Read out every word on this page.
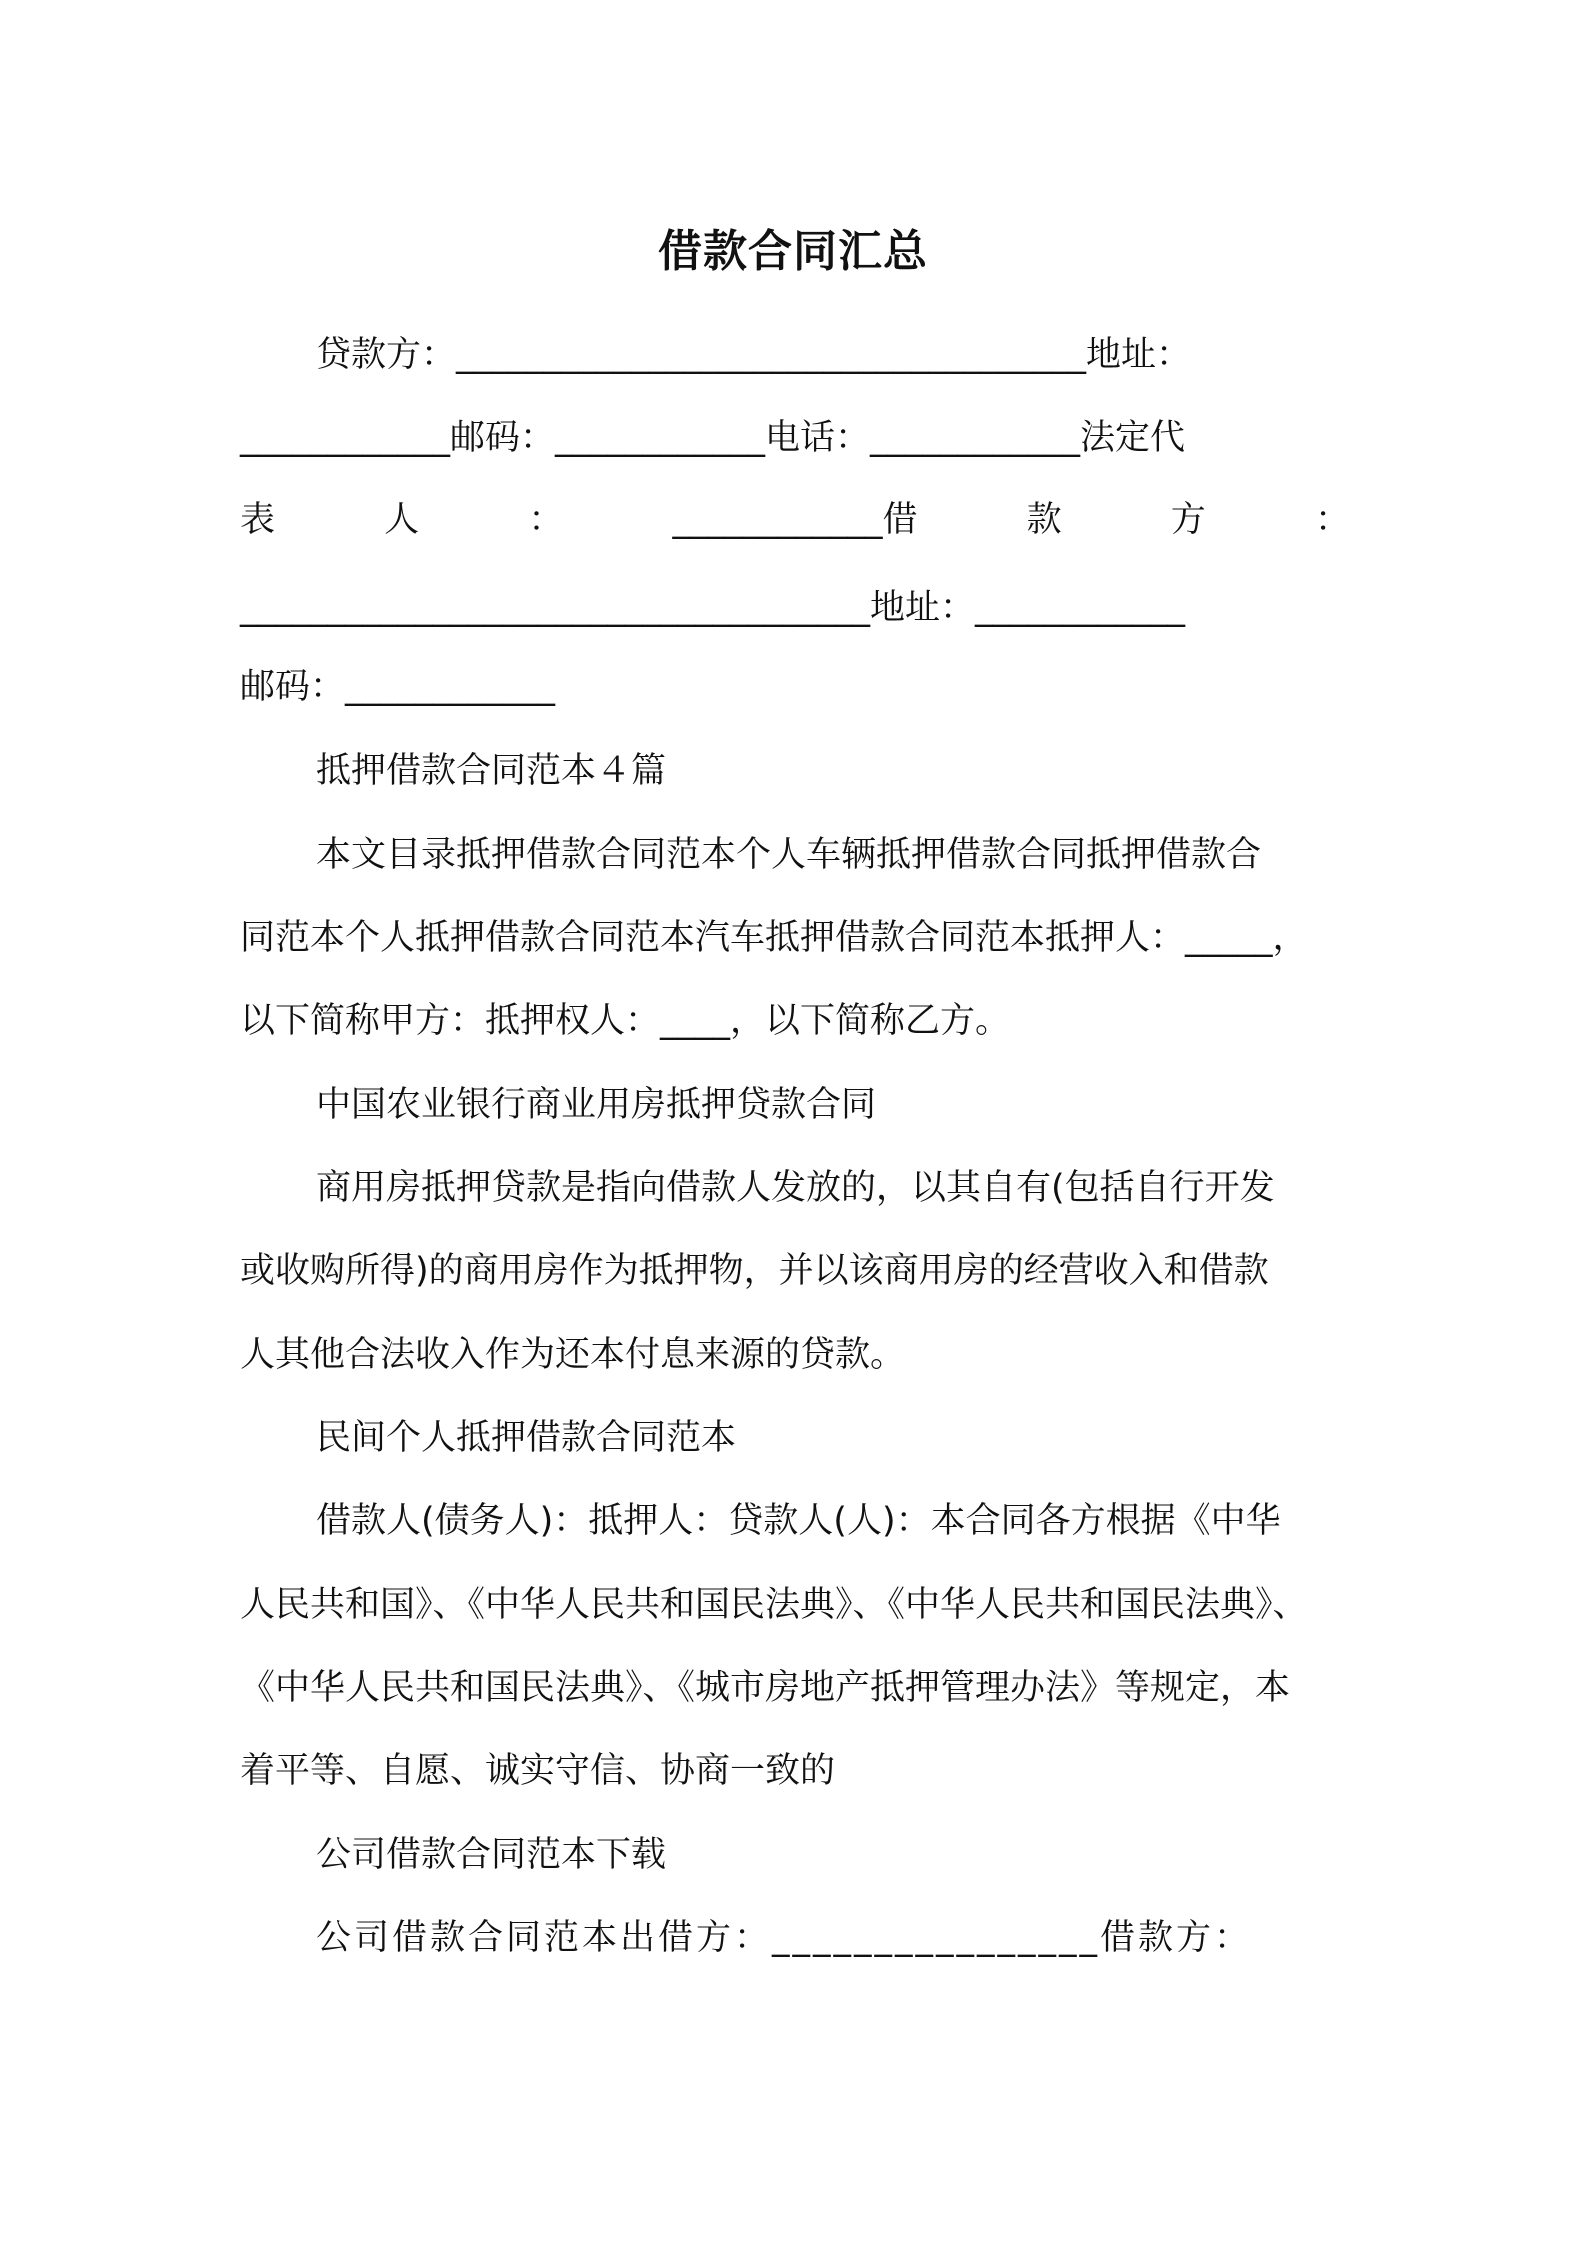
借款合同汇总
贷款方：____________________________________地址：
____________邮码：____________电话：____________法定代
表	人	：	____________借	款	方	：
____________________________________地址：____________
邮码：____________
抵押借款合同范本４篇
本文目录抵押借款合同范本个人车辆抵押借款合同抵押借款合
同范本个人抵押借款合同范本汽车抵押借款合同范本抵押人：_____，
以下简称甲方：抵押权人：____，以下简称乙方。
中国农业银行商业用房抵押贷款合同
商用房抵押贷款是指向借款人发放的，以其自有(包括自行开发
或收购所得)的商用房作为抵押物，并以该商用房的经营收入和借款
人其他合法收入作为还本付息来源的贷款。
民间个人抵押借款合同范本
借款人(债务人)：抵押人：贷款人(人)：本合同各方根据《中华
人民共和国》、《中华人民共和国民法典》、《中华人民共和国民法典》、
《中华人民共和国民法典》、《城市房地产抵押管理办法》等规定，本
着平等、自愿、诚实守信、协商一致的
公司借款合同范本下载
公司借款合同范本出借方：________________借款方：
